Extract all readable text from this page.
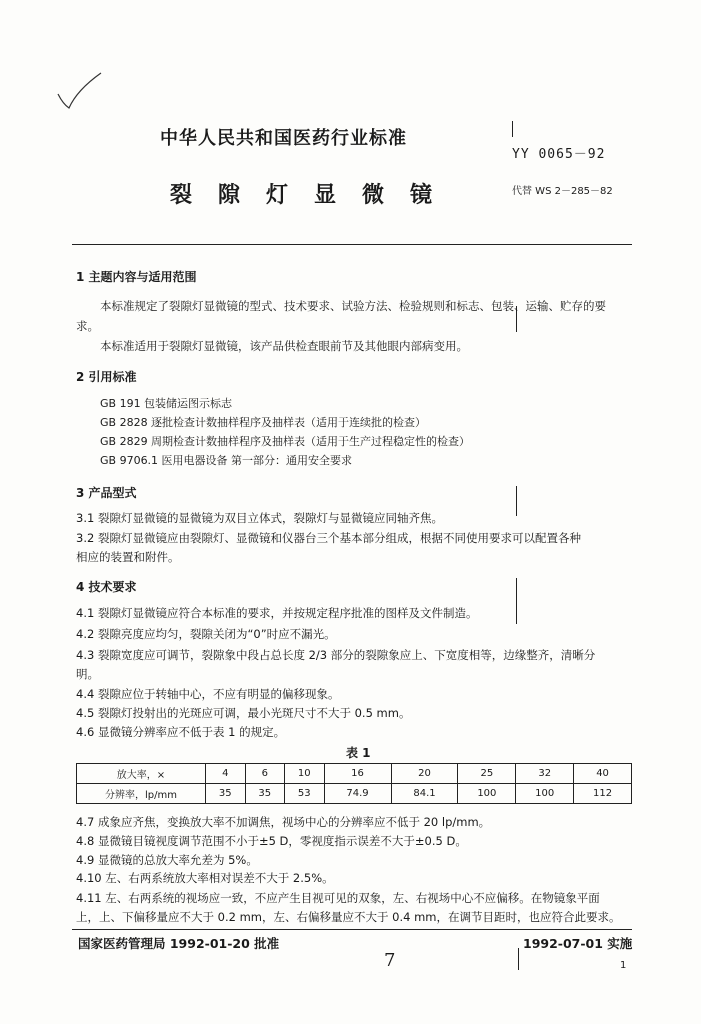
中华人民共和国医药行业标准
裂隙灯显微镜
YY 0065－92
代替 WS 2－285－82
1 主题内容与适用范围
本标准规定了裂隙灯显微镜的型式、技术要求、试验方法、检验规则和标志、包装、运输、贮存的要
求。
本标准适用于裂隙灯显微镜，该产品供检查眼前节及其他眼内部病变用。
2 引用标准
GB 191 包装储运图示标志
GB 2828 逐批检查计数抽样程序及抽样表（适用于连续批的检查）
GB 2829 周期检查计数抽样程序及抽样表（适用于生产过程稳定性的检查）
GB 9706.1 医用电器设备 第一部分：通用安全要求
3 产品型式
3.1 裂隙灯显微镜的显微镜为双目立体式，裂隙灯与显微镜应同轴齐焦。
3.2 裂隙灯显微镜应由裂隙灯、显微镜和仪器台三个基本部分组成，根据不同使用要求可以配置各种
相应的装置和附件。
4 技术要求
4.1 裂隙灯显微镜应符合本标准的要求，并按规定程序批准的图样及文件制造。
4.2 裂隙亮度应均匀，裂隙关闭为“0”时应不漏光。
4.3 裂隙宽度应可调节，裂隙象中段占总长度 2/3 部分的裂隙象应上、下宽度相等，边缘整齐，清晰分
明。
4.4 裂隙应位于转轴中心，不应有明显的偏移现象。
4.5 裂隙灯投射出的光斑应可调，最小光斑尺寸不大于 0.5 mm。
4.6 显微镜分辨率应不低于表 1 的规定。
表 1
放大率，×	4	6	10	16	20	25	32	40
分辨率，lp/mm	35	35	53	74.9	84.1	100	100	112
4.7 成象应齐焦，变换放大率不加调焦，视场中心的分辨率应不低于 20 lp/mm。
4.8 显微镜目镜视度调节范围不小于±5 D，零视度指示误差不大于±0.5 D。
4.9 显微镜的总放大率允差为 5%。
4.10 左、右两系统放大率相对误差不大于 2.5%。
4.11 左、右两系统的视场应一致，不应产生目视可见的双象，左、右视场中心不应偏移。在物镜象平面
上，上、下偏移量应不大于 0.2 mm，左、右偏移量应不大于 0.4 mm，在调节目距时，也应符合此要求。
国家医药管理局 1992-01-20 批准	1992-07-01 实施
7	1
